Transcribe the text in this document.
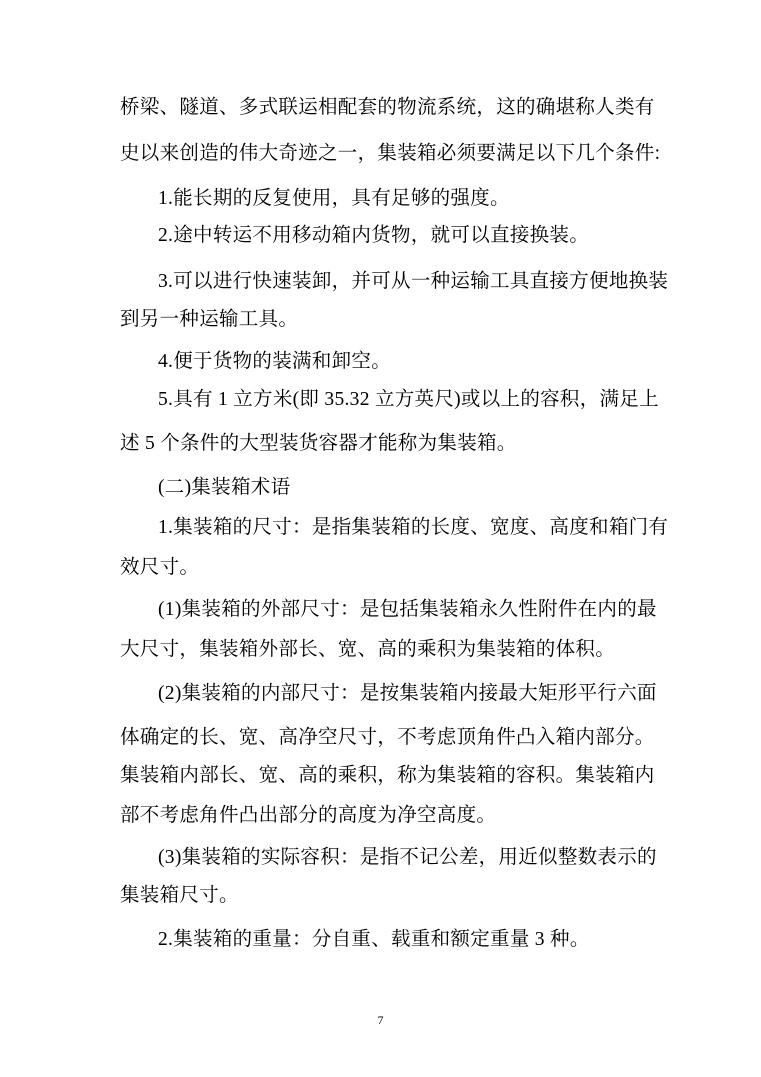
桥梁、隧道、多式联运相配套的物流系统，这的确堪称人类有

史以来创造的伟大奇迹之一，集装箱必须要满足以下几个条件:

1.能长期的反复使用，具有足够的强度。

2.途中转运不用移动箱内货物，就可以直接换装。

3.可以进行快速装卸，并可从一种运输工具直接方便地换装

到另一种运输工具。

4.便于货物的装满和卸空。

5.具有 1 立方米(即 35.32 立方英尺)或以上的容积，满足上

述 5 个条件的大型装货容器才能称为集装箱。

(二)集装箱术语

1.集装箱的尺寸：是指集装箱的长度、宽度、高度和箱门有

效尺寸。

(1)集装箱的外部尺寸：是包括集装箱永久性附件在内的最

大尺寸，集装箱外部长、宽、高的乘积为集装箱的体积。

(2)集装箱的内部尺寸：是按集装箱内接最大矩形平行六面

体确定的长、宽、高净空尺寸，不考虑顶角件凸入箱内部分。

集装箱内部长、宽、高的乘积，称为集装箱的容积。集装箱内

部不考虑角件凸出部分的高度为净空高度。

(3)集装箱的实际容积：是指不记公差，用近似整数表示的

集装箱尺寸。

2.集装箱的重量：分自重、载重和额定重量 3 种。

7
